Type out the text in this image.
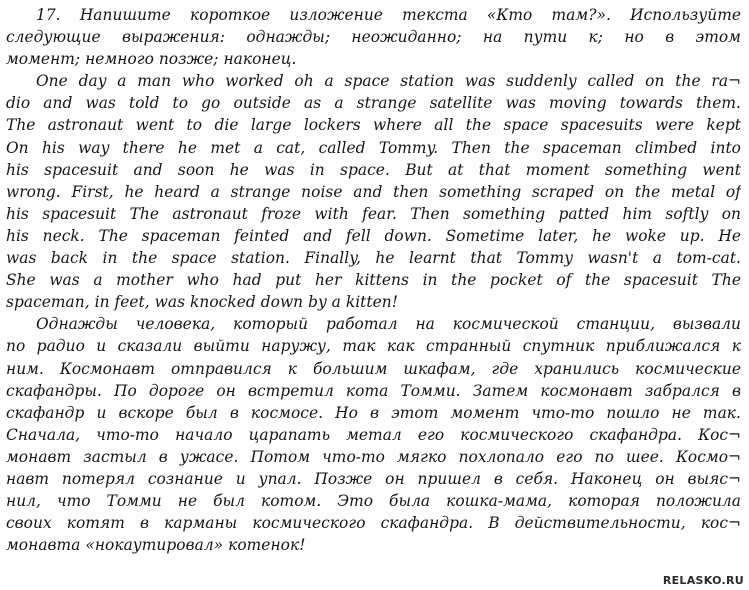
17. Напишите короткое изложение текста «Кто там?». Используйте
следующие выражения: однажды; неожиданно; на пути к; но в этом
момент; немного позже; наконец.
One day a man who worked oh a space station was suddenly called on the ra¬
dio and was told to go outside as a strange satellite was moving towards them.
The astronaut went to die large lockers where all the space spacesuits were kept
On his way there he met a cat, called Tommy. Then the spaceman climbed into
his spacesuit and soon he was in space. But at that moment something went
wrong. First, he heard a strange noise and then something scraped on the metal of
his spacesuit The astronaut froze with fear. Then something patted him softly on
his neck. The spaceman feinted and fell down. Sometime later, he woke up. He
was back in the space station. Finally, he learnt that Tommy wasn't a tom-cat.
She was a mother who had put her kittens in the pocket of the spacesuit The
spaceman, in feet, was knocked down by a kitten!
Однажды человека, который работал на космической станции, вызвали
по радио и сказали выйти наружу, так как странный спутник приближался к
ним. Космонавт отправился к большим шкафам, где хранились космические
скафандры. По дороге он встретил кота Томми. Затем космонавт забрался в
скафандр и вскоре был в космосе. Но в этот момент что-то пошло не так.
Сначала, что-то начало царапать метал его космического скафандра. Кос¬
монавт застыл в ужасе. Потом что-то мягко похлопало его по шее. Космо¬
навт потерял сознание и упал. Позже он пришел в себя. Наконец он выяс¬
нил, что Томми не был котом. Это была кошка-мама, которая положила
своих котят в карманы космического скафандра. В действительности, кос¬
монавта «нокаутировал» котенок!
RELASKO.RU
